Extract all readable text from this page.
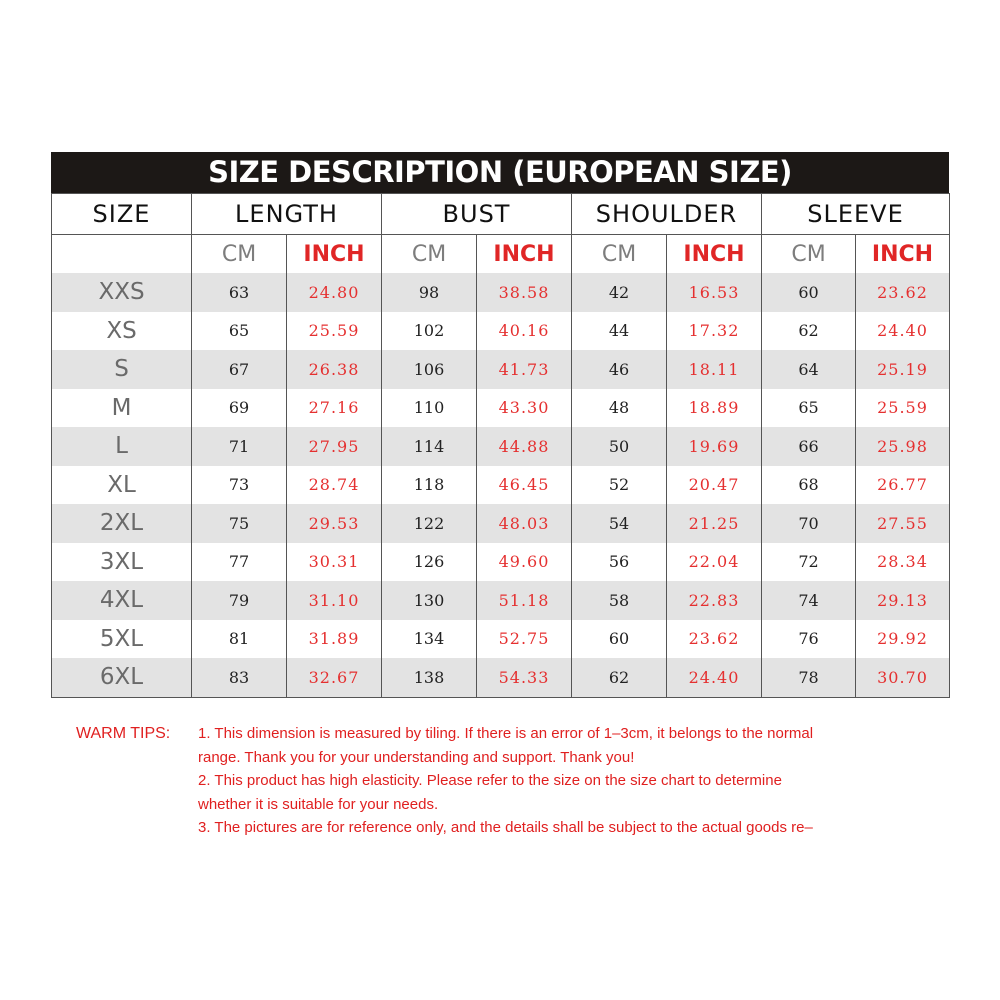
SIZE DESCRIPTION (EUROPEAN SIZE)
SIZE	LENGTH		BUST		SHOULDER		SLEEVE	
	CM	INCH	CM	INCH	CM	INCH	CM	INCH
XXS	63	24.80	98	38.58	42	16.53	60	23.62
XS	65	25.59	102	40.16	44	17.32	62	24.40
S	67	26.38	106	41.73	46	18.11	64	25.19
M	69	27.16	110	43.30	48	18.89	65	25.59
L	71	27.95	114	44.88	50	19.69	66	25.98
XL	73	28.74	118	46.45	52	20.47	68	26.77
2XL	75	29.53	122	48.03	54	21.25	70	27.55
3XL	77	30.31	126	49.60	56	22.04	72	28.34
4XL	79	31.10	130	51.18	58	22.83	74	29.13
5XL	81	31.89	134	52.75	60	23.62	76	29.92
6XL	83	32.67	138	54.33	62	24.40	78	30.70
WARM TIPS: 1. This dimension is measured by tiling. If there is an error of 1–3cm, it belongs to the normal
range. Thank you for your understanding and support. Thank you!
2. This product has high elasticity. Please refer to the size on the size chart to determine
whether it is suitable for your needs.
3. The pictures are for reference only, and the details shall be subject to the actual goods re–
